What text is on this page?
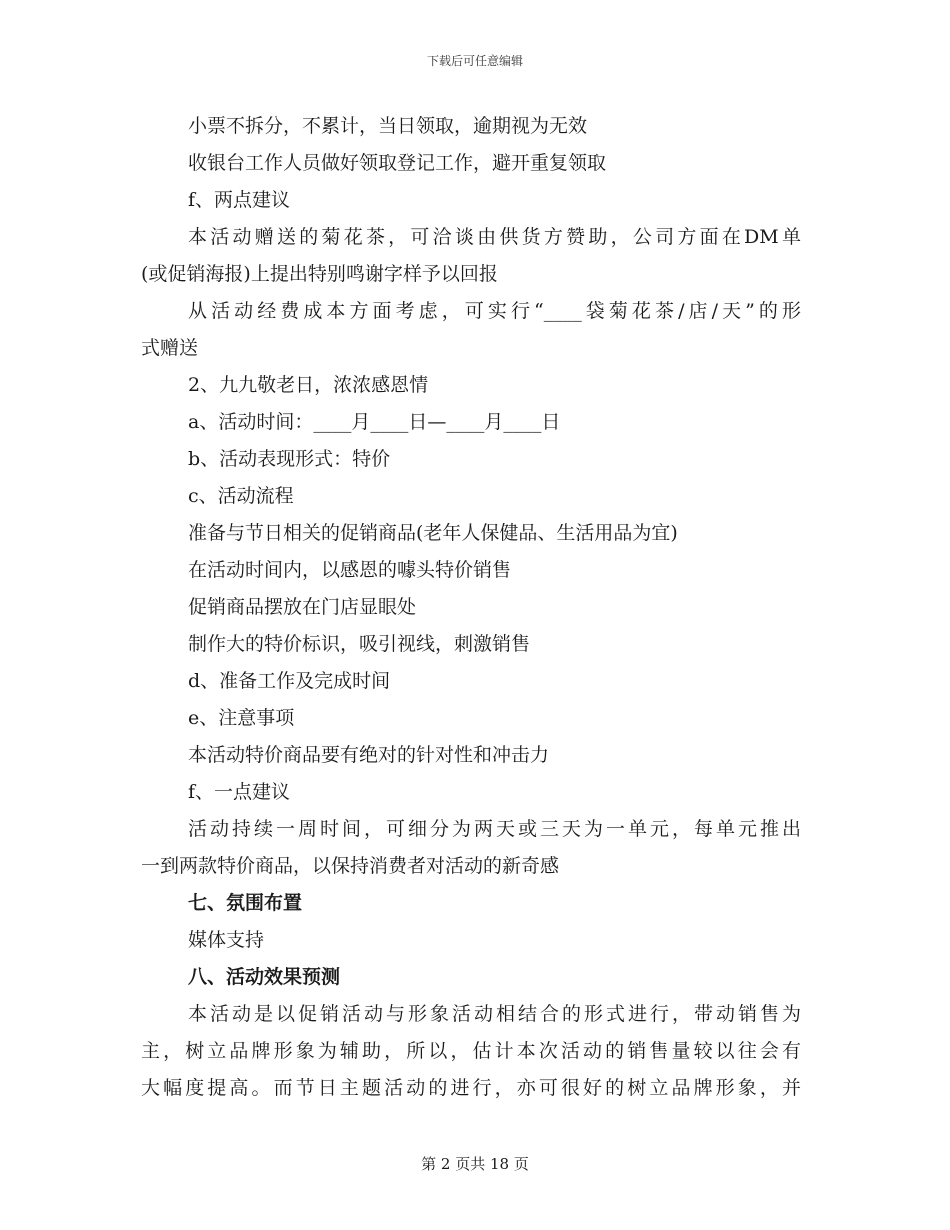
下载后可任意编辑
小票不拆分，不累计，当日领取，逾期视为无效
收银台工作人员做好领取登记工作，避开重复领取
f、两点建议
本活动赠送的菊花茶，可洽谈由供货方赞助，公司方面在DM单
(或促销海报)上提出特别鸣谢字样予以回报
从活动经费成本方面考虑，可实行“____袋菊花茶/店/天”的形
式赠送
2、九九敬老日，浓浓感恩情
a、活动时间：____月____日—____月____日
b、活动表现形式：特价
c、活动流程
准备与节日相关的促销商品(老年人保健品、生活用品为宜)
在活动时间内，以感恩的噱头特价销售
促销商品摆放在门店显眼处
制作大的特价标识，吸引视线，刺激销售
d、准备工作及完成时间
e、注意事项
本活动特价商品要有绝对的针对性和冲击力
f、一点建议
活动持续一周时间，可细分为两天或三天为一单元，每单元推出
一到两款特价商品，以保持消费者对活动的新奇感
七、氛围布置
媒体支持
八、活动效果预测
本活动是以促销活动与形象活动相结合的形式进行，带动销售为
主，树立品牌形象为辅助，所以，估计本次活动的销售量较以往会有
大幅度提高。而节日主题活动的进行，亦可很好的树立品牌形象，并
第 2 页共 18 页
